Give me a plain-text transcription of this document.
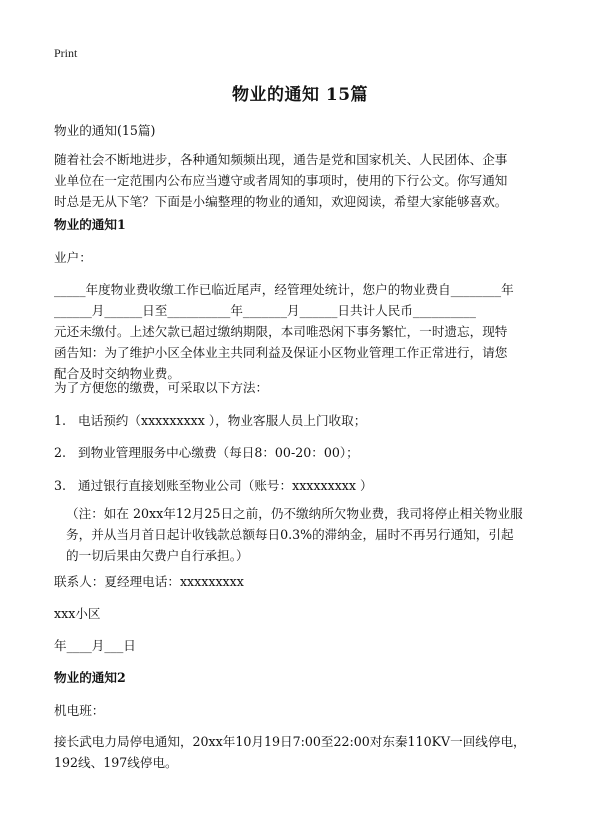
Print
物业的通知 15篇
物业的通知(15篇)
随着社会不断地进步，各种通知频频出现，通告是党和国家机关、人民团体、企事
业单位在一定范围内公布应当遵守或者周知的事项时，使用的下行公文。你写通知
时总是无从下笔？下面是小编整理的物业的通知，欢迎阅读，希望大家能够喜欢。
物业的通知1
业户：
_____年度物业费收缴工作已临近尾声，经管理处统计，您户的物业费自________年
______月______日至__________年_______月______日共计人民币__________
元还未缴付。上述欠款已超过缴纳期限，本司唯恐闲下事务繁忙，一时遗忘，现特
函告知：为了维护小区全体业主共同利益及保证小区物业管理工作正常进行，请您
配合及时交纳物业费。
为了方便您的缴费，可采取以下方法：
1. 电话预约（xxxxxxxxx ），物业客服人员上门收取；
2. 到物业管理服务中心缴费（每日8：00-20：00）；
3. 通过银行直接划账至物业公司（账号：xxxxxxxxx ）
（注：如在 20xx年12月25日之前，仍不缴纳所欠物业费，我司将停止相关物业服
务，并从当月首日起计收钱款总额每日0.3%的滞纳金，届时不再另行通知，引起
的一切后果由欠费户自行承担。）
联系人：夏经理电话：xxxxxxxxx
xxx小区
年____月___日
物业的通知2
机电班：
接长武电力局停电通知，20xx年10月19日7:00至22:00对东秦110KV一回线停电，
192线、197线停电。
